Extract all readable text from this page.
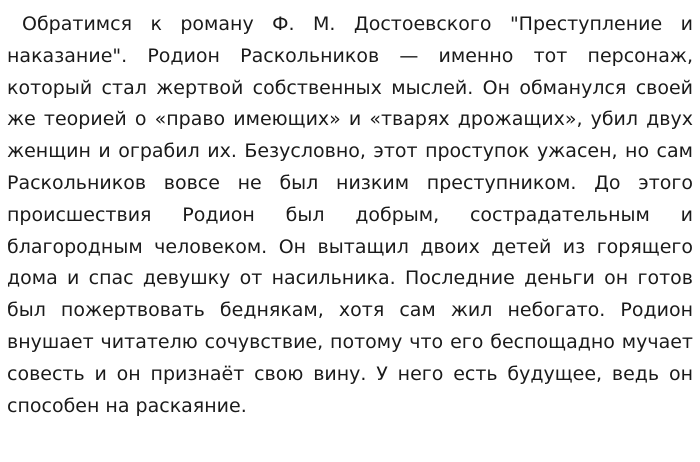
Обратимся к роману Ф. М. Достоевского "Преступление и наказание". Родион Раскольников — именно тот персонаж, который стал жертвой собственных мыслей. Он обманулся своей же теорией о «право имеющих» и «тварях дрожащих», убил двух женщин и ограбил их. Безусловно, этот проступок ужасен, но сам Раскольников вовсе не был низким преступником. До этого происшествия Родион был добрым, сострадательным и благородным человеком. Он вытащил двоих детей из горящего дома и спас девушку от насильника. Последние деньги он готов был пожертвовать беднякам, хотя сам жил небогато. Родион внушает читателю сочувствие, потому что его беспощадно мучает совесть и он признаёт свою вину. У него есть будущее, ведь он способен на раскаяние.
